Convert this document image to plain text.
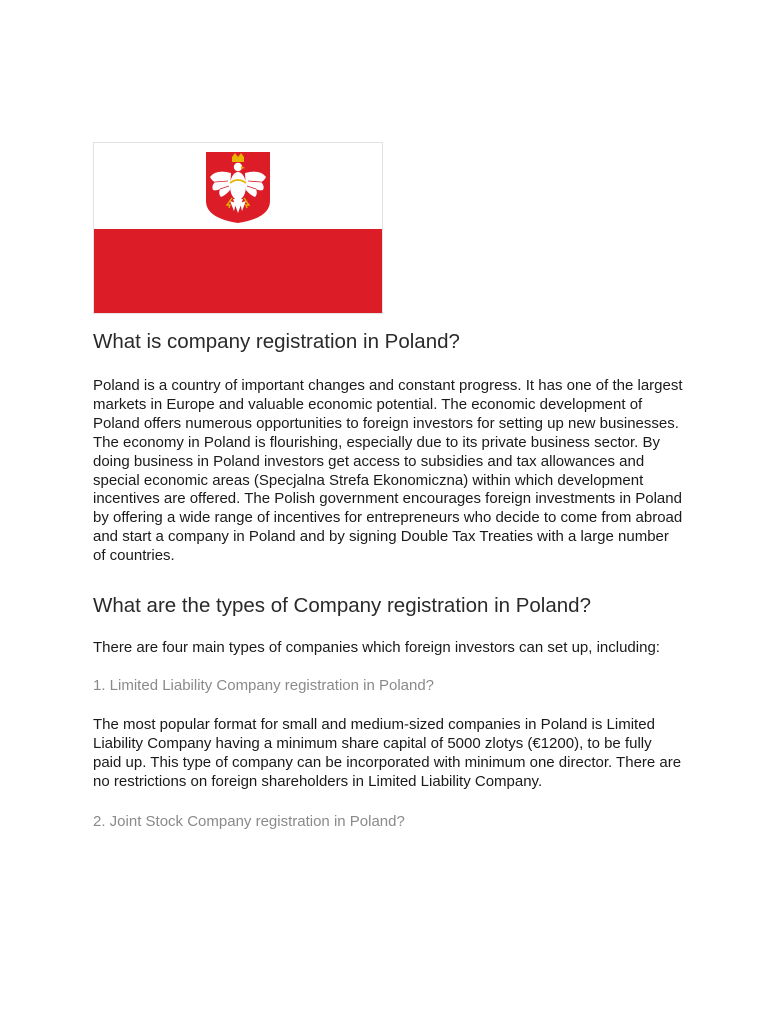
What is company registration in Poland?

Poland is a country of important changes and constant progress. It has one of the largest markets in Europe and valuable economic potential. The economic development of Poland offers numerous opportunities to foreign investors for setting up new businesses. The economy in Poland is flourishing, especially due to its private business sector. By doing business in Poland investors get access to subsidies and tax allowances and special economic areas (Specjalna Strefa Ekonomiczna) within which development incentives are offered. The Polish government encourages foreign investments in Poland by offering a wide range of incentives for entrepreneurs who decide to come from abroad and start a company in Poland and by signing Double Tax Treaties with a large number of countries.

What are the types of Company registration in Poland?

There are four main types of companies which foreign investors can set up, including:

1. Limited Liability Company registration in Poland?

The most popular format for small and medium-sized companies in Poland is Limited Liability Company having a minimum share capital of 5000 zlotys (€1200), to be fully paid up. This type of company can be incorporated with minimum one director. There are no restrictions on foreign shareholders in Limited Liability Company.

2. Joint Stock Company registration in Poland?
